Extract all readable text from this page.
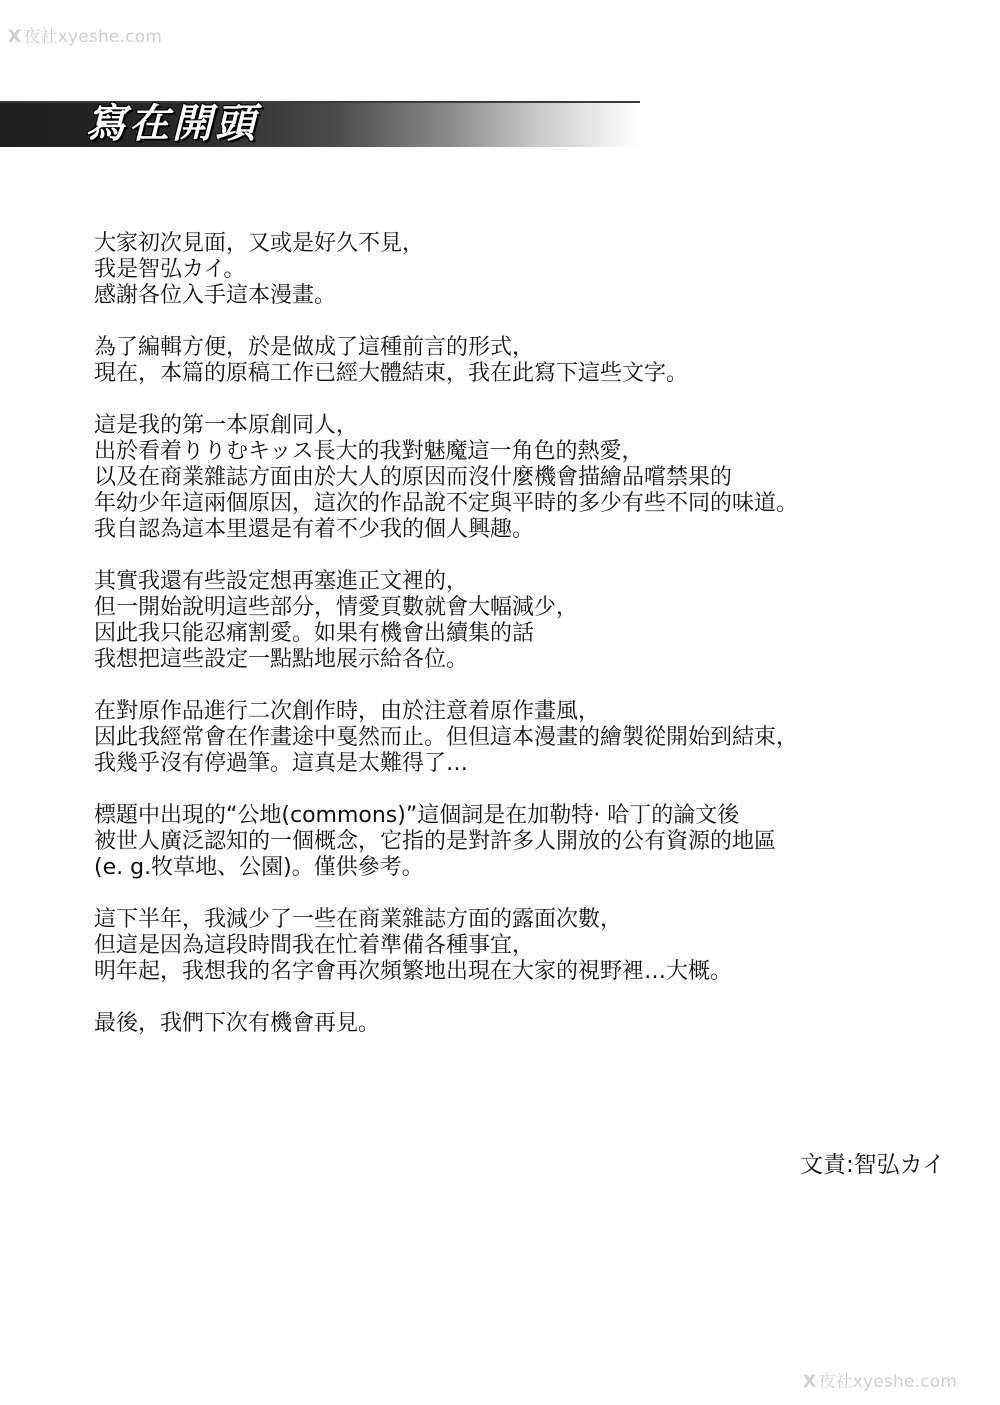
X 夜社xyeshe.com
寫在開頭
大家初次見面，又或是好久不見，
我是智弘カイ。
感謝各位入手這本漫畫。
為了編輯方便，於是做成了這種前言的形式，
現在，本篇的原稿工作已經大體結束，我在此寫下這些文字。
這是我的第一本原創同人，
出於看着りりむキッス長大的我對魅魔這一角色的熱愛，
以及在商業雜誌方面由於大人的原因而沒什麼機會描繪品嚐禁果的
年幼少年這兩個原因，這次的作品說不定與平時的多少有些不同的味道。
我自認為這本里還是有着不少我的個人興趣。
其實我還有些設定想再塞進正文裡的，
但一開始說明這些部分，情愛頁數就會大幅減少，
因此我只能忍痛割愛。如果有機會出續集的話
我想把這些設定一點點地展示給各位。
在對原作品進行二次創作時，由於注意着原作畫風，
因此我經常會在作畫途中戛然而止。但但這本漫畫的繪製從開始到結束，
我幾乎沒有停過筆。這真是太難得了…
標題中出現的“公地(commons)”這個詞是在加勒特· 哈丁的論文後
被世人廣泛認知的一個概念，它指的是對許多人開放的公有資源的地區
(e. g.牧草地、公園)。僅供參考。
這下半年，我減少了一些在商業雜誌方面的露面次數，
但這是因為這段時間我在忙着準備各種事宜，
明年起，我想我的名字會再次頻繁地出現在大家的視野裡…大概。
最後，我們下次有機會再見。
文責:智弘カイ
X 夜社xyeshe.com
